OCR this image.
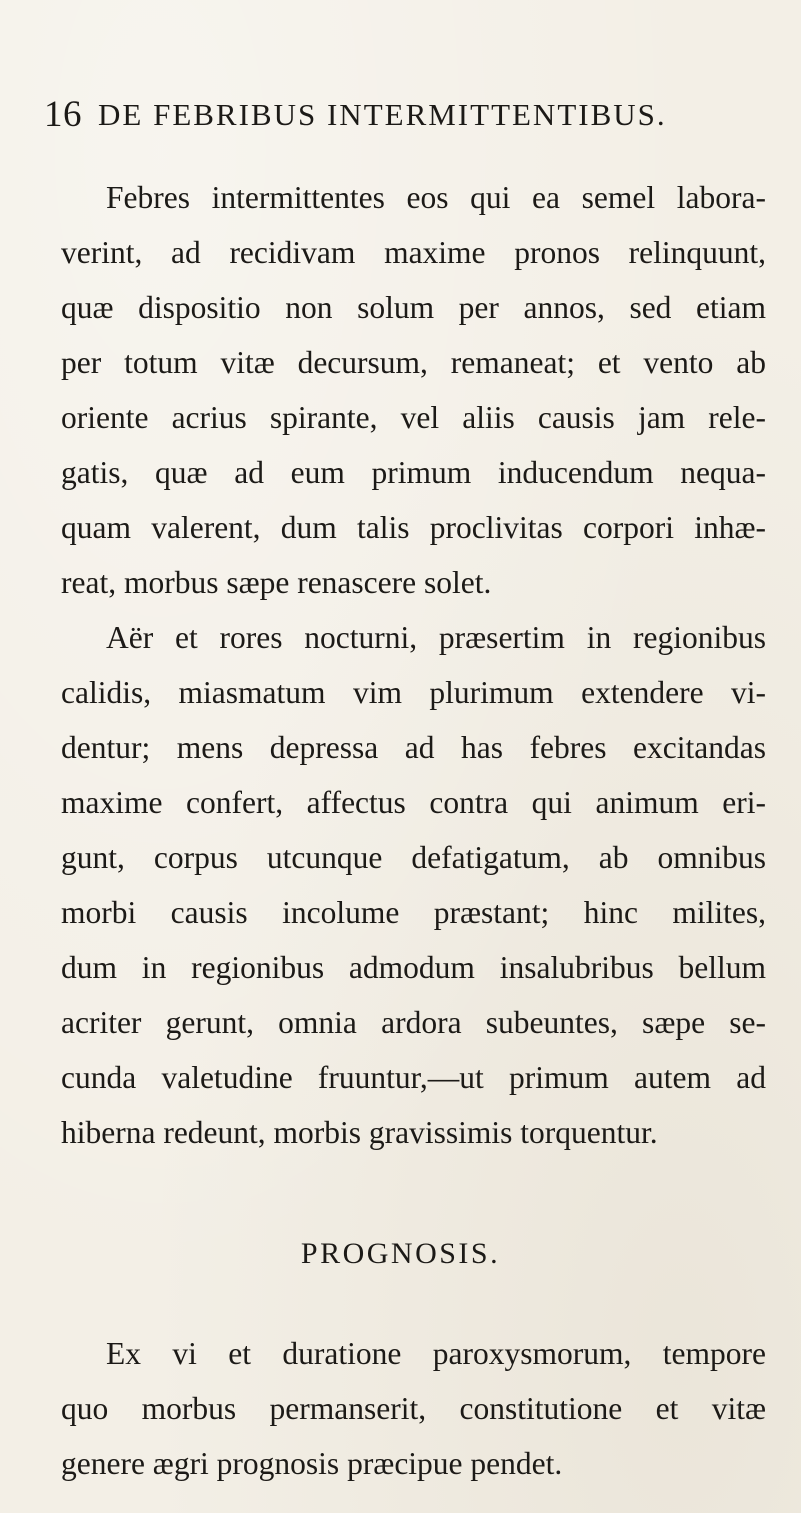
16 DE FEBRIBUS INTERMITTENTIBUS.
Febres intermittentes eos qui ea semel labora-
verint, ad recidivam maxime pronos relinquunt,
quæ dispositio non solum per annos, sed etiam
per totum vitæ decursum, remaneat; et vento ab
oriente acrius spirante, vel aliis causis jam rele-
gatis, quæ ad eum primum inducendum nequa-
quam valerent, dum talis proclivitas corpori inhæ-
reat, morbus sæpe renascere solet.
Aër et rores nocturni, præsertim in regionibus
calidis, miasmatum vim plurimum extendere vi-
dentur; mens depressa ad has febres excitandas
maxime confert, affectus contra qui animum eri-
gunt, corpus utcunque defatigatum, ab omnibus
morbi causis incolume præstant; hinc milites,
dum in regionibus admodum insalubribus bellum
acriter gerunt, omnia ardora subeuntes, sæpe se-
cunda valetudine fruuntur,—ut primum autem ad
hiberna redeunt, morbis gravissimis torquentur.
PROGNOSIS.
Ex vi et duratione paroxysmorum, tempore
quo morbus permanserit, constitutione et vitæ
genere ægri prognosis præcipue pendet.
